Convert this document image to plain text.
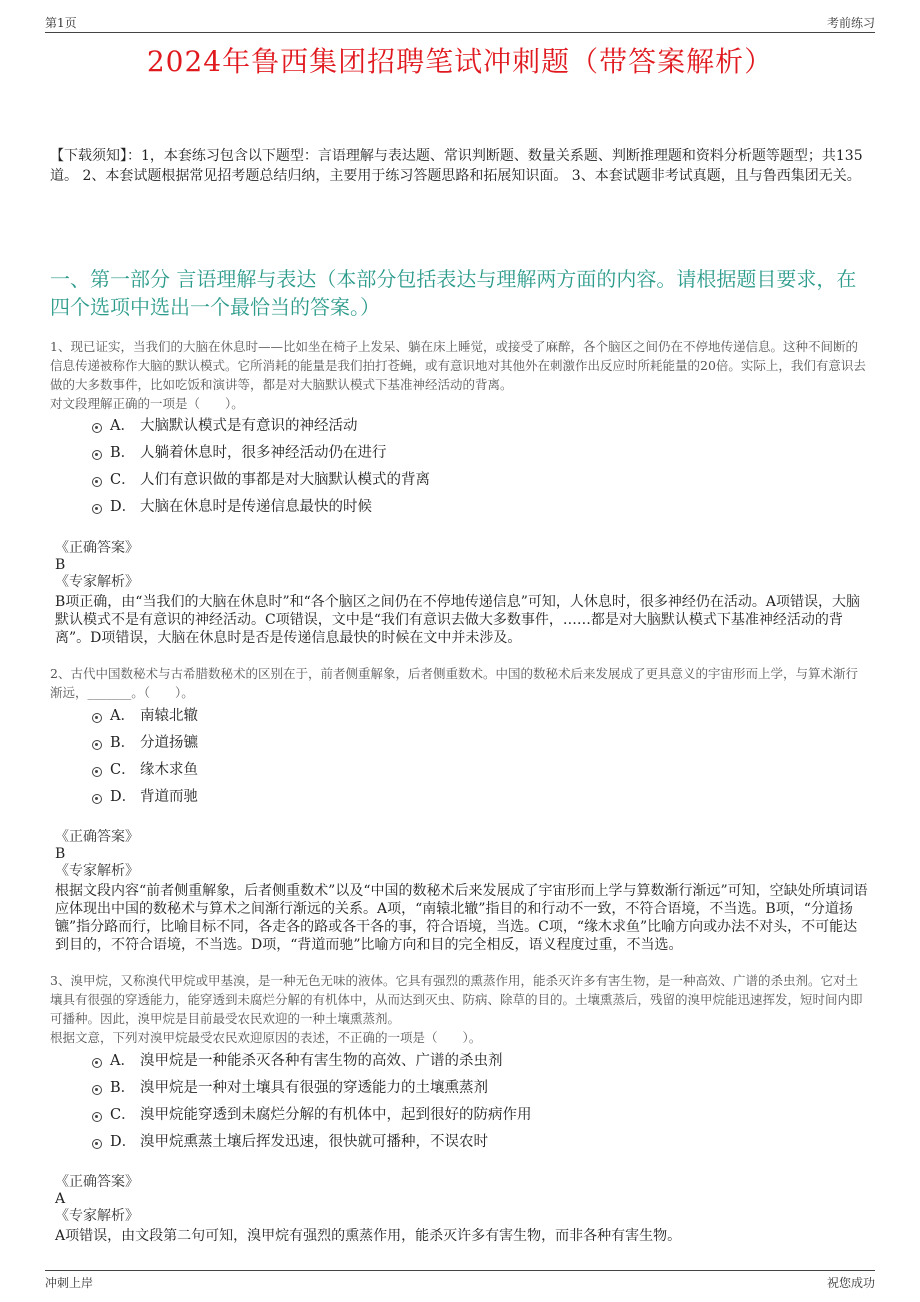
第1页	考前练习
2024年鲁西集团招聘笔试冲刺题（带答案解析）
【下载须知】：1，本套练习包含以下题型：言语理解与表达题、常识判断题、数量关系题、判断推理题和资料分析题等题型；共135道。 2、本套试题根据常见招考题总结归纳，主要用于练习答题思路和拓展知识面。 3、本套试题非考试真题，且与鲁西集团无关。
一、第一部分 言语理解与表达（本部分包括表达与理解两方面的内容。请根据题目要求，在四个选项中选出一个最恰当的答案。）
1、现已证实，当我们的大脑在休息时——比如坐在椅子上发呆、躺在床上睡觉，或接受了麻醉，各个脑区之间仍在不停地传递信息。这种不间断的信息传递被称作大脑的默认模式。它所消耗的能量是我们拍打苍蝇，或有意识地对其他外在刺激作出反应时所耗能量的20倍。实际上，我们有意识去做的大多数事件，比如吃饭和演讲等，都是对大脑默认模式下基准神经活动的背离。
对文段理解正确的一项是（　　）。
A． 大脑默认模式是有意识的神经活动
B． 人躺着休息时，很多神经活动仍在进行
C． 人们有意识做的事都是对大脑默认模式的背离
D． 大脑在休息时是传递信息最快的时候
《正确答案》
B
《专家解析》
B项正确，由“当我们的大脑在休息时”和“各个脑区之间仍在不停地传递信息”可知，人休息时，很多神经仍在活动。A项错误，大脑默认模式不是有意识的神经活动。C项错误，文中是“我们有意识去做大多数事件，……都是对大脑默认模式下基准神经活动的背离”。D项错误，大脑在休息时是否是传递信息最快的时候在文中并未涉及。
2、古代中国数秘术与古希腊数秘术的区别在于，前者侧重解象，后者侧重数术。中国的数秘术后来发展成了更具意义的宇宙形而上学，与算术渐行渐远，_______。（　　）。
A． 南辕北辙
B． 分道扬镳
C． 缘木求鱼
D． 背道而驰
《正确答案》
B
《专家解析》
根据文段内容“前者侧重解象，后者侧重数术”以及“中国的数秘术后来发展成了宇宙形而上学与算数渐行渐远”可知，空缺处所填词语应体现出中国的数秘术与算术之间渐行渐远的关系。A项，“南辕北辙”指目的和行动不一致，不符合语境，不当选。B项，“分道扬镳”指分路而行，比喻目标不同，各走各的路或各干各的事，符合语境，当选。C项，“缘木求鱼”比喻方向或办法不对头，不可能达到目的，不符合语境，不当选。D项，“背道而驰”比喻方向和目的完全相反，语义程度过重，不当选。
3、溴甲烷，又称溴代甲烷或甲基溴，是一种无色无味的液体。它具有强烈的熏蒸作用，能杀灭许多有害生物，是一种高效、广谱的杀虫剂。它对土壤具有很强的穿透能力，能穿透到未腐烂分解的有机体中，从而达到灭虫、防病、除草的目的。土壤熏蒸后，残留的溴甲烷能迅速挥发，短时间内即可播种。因此，溴甲烷是目前最受农民欢迎的一种土壤熏蒸剂。
根据文意，下列对溴甲烷最受农民欢迎原因的表述，不正确的一项是（　　）。
A． 溴甲烷是一种能杀灭各种有害生物的高效、广谱的杀虫剂
B． 溴甲烷是一种对土壤具有很强的穿透能力的土壤熏蒸剂
C． 溴甲烷能穿透到未腐烂分解的有机体中，起到很好的防病作用
D． 溴甲烷熏蒸土壤后挥发迅速，很快就可播种，不误农时
《正确答案》
A
《专家解析》
A项错误，由文段第二句可知，溴甲烷有强烈的熏蒸作用，能杀灭许多有害生物，而非各种有害生物。
冲刺上岸	祝您成功
